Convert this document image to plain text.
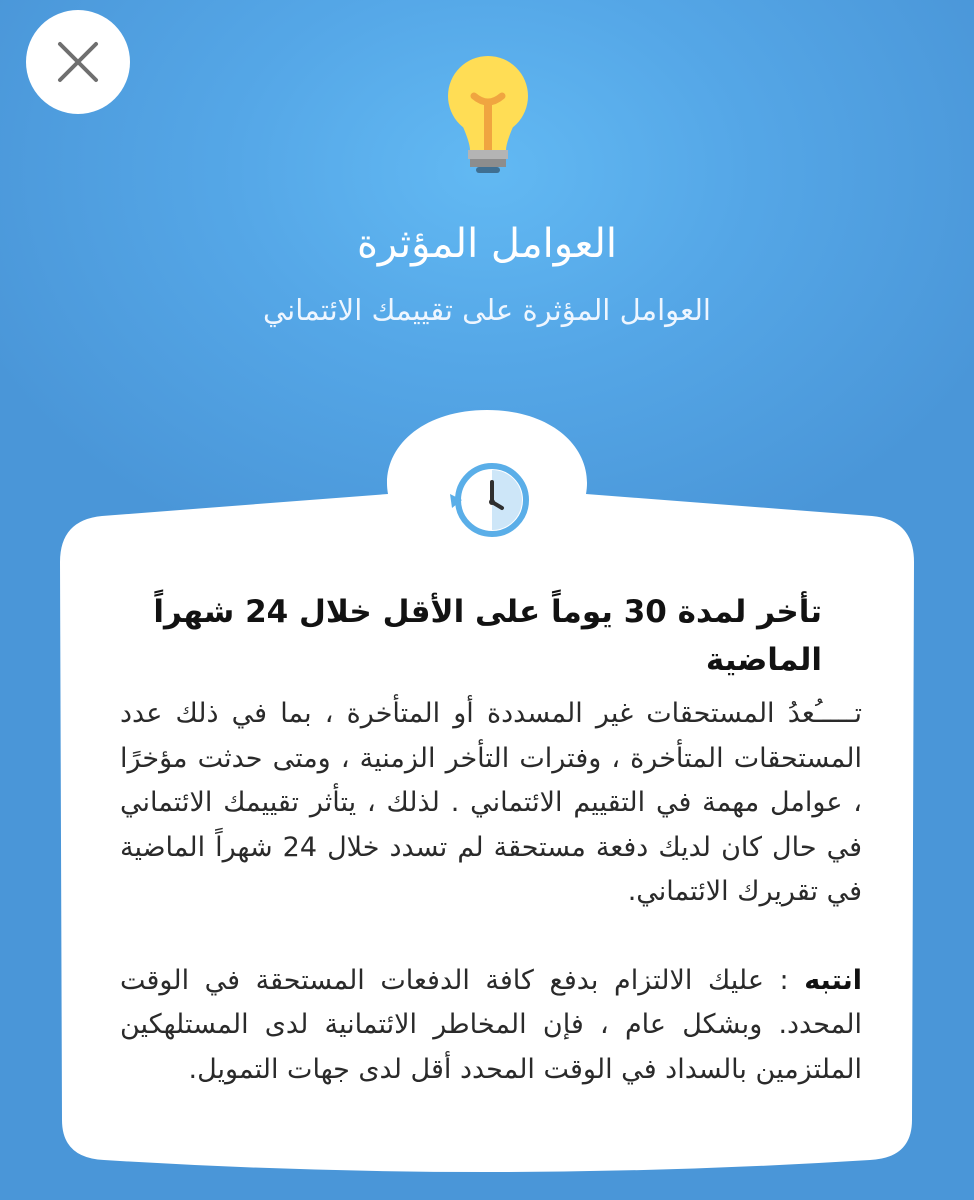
العوامل المؤثرة
العوامل المؤثرة على تقييمك الائتماني
تأخر لمدة 30 يوماً على الأقل خلال 24 شهراً الماضية

تـــــُعدُ المستحقات غير المسددة أو المتأخرة ، بما في ذلك عدد المستحقات المتأخرة ، وفترات التأخر الزمنية ، ومتى حدثت مؤخرًا ، عوامل مهمة في التقييم الائتماني . لذلك ، يتأثر تقييمك الائتماني في حال كان لديك دفعة مستحقة لم تسدد خلال 24 شهراً الماضية في تقريرك الائتماني.

انتبه : عليك الالتزام بدفع كافة الدفعات المستحقة في الوقت المحدد. وبشكل عام ، فإن المخاطر الائتمانية لدى المستلهكين الملتزمين بالسداد في الوقت المحدد أقل لدى جهات التمويل.
